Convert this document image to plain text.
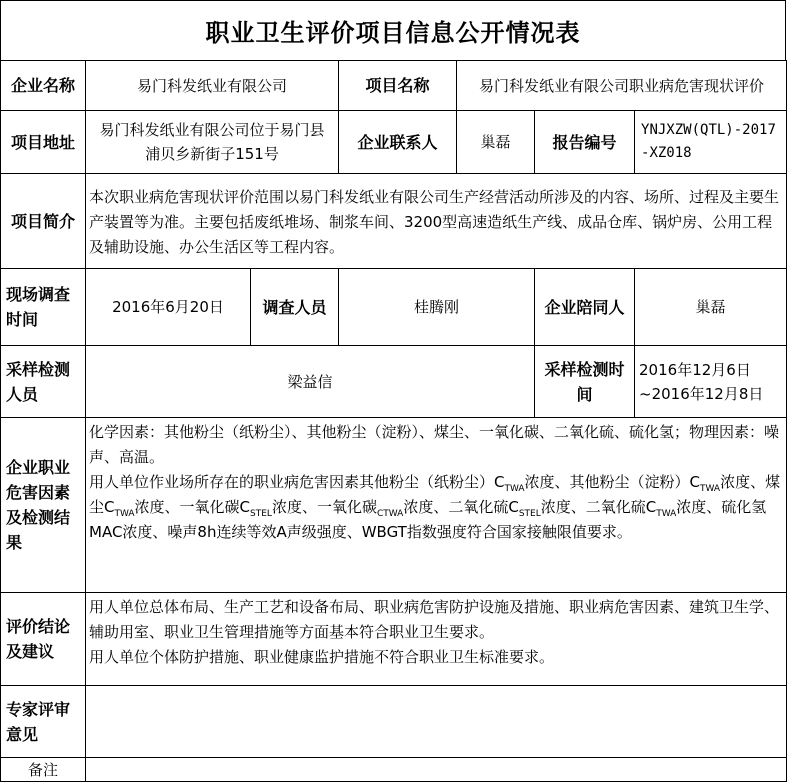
职业卫生评价项目信息公开情况表
企业名称	易门科发纸业有限公司		项目名称	易门科发纸业有限公司职业病危害现状评价		
项目地址	易门科发纸业有限公司位于易门县浦贝乡新街子151号		企业联系人	巢磊	报告编号	YNJXZW(QTL)-2017-XZ018
项目简介	本次职业病危害现状评价范围以易门科发纸业有限公司生产经营活动所涉及的内容、场所、过程及主要生产装置等为准。主要包括废纸堆场、制浆车间、3200型高速造纸生产线、成品仓库、锅炉房、公用工程及辅助设施、办公生活区等工程内容。					
现场调查时间	2016年6月20日	调查人员	桂腾刚		企业陪同人	巢磊
采样检测人员	梁益信				采样检测时间	2016年12月6日~2016年12月8日
企业职业危害因素及检测结果	化学因素：其他粉尘（纸粉尘）、其他粉尘（淀粉）、煤尘、一氧化碳、二氧化硫、硫化氢；物理因素：噪声、高温。
用人单位作业场所存在的职业病危害因素其他粉尘（纸粉尘）$C_{TWA}$浓度、其他粉尘（淀粉）$C_{TWA}$浓度、煤尘$C_{TWA}$浓度、一氧化碳$C_{STEL}$浓度、一氧化碳$_{CTWA}$浓度、二氧化硫$C_{STEL}$浓度、二氧化硫$C_{TWA}$浓度、硫化氢MAC浓度、噪声8h连续等效A声级强度、WBGT指数强度符合国家接触限值要求。					

评价结论及建议	用人单位总体布局、生产工艺和设备布局、职业病危害防护设施及措施、职业病危害因素、建筑卫生学、辅助用室、职业卫生管理措施等方面基本符合职业卫生要求。
用人单位个体防护措施、职业健康监护措施不符合职业卫生标准要求。					

专家评审意见						
备注						
